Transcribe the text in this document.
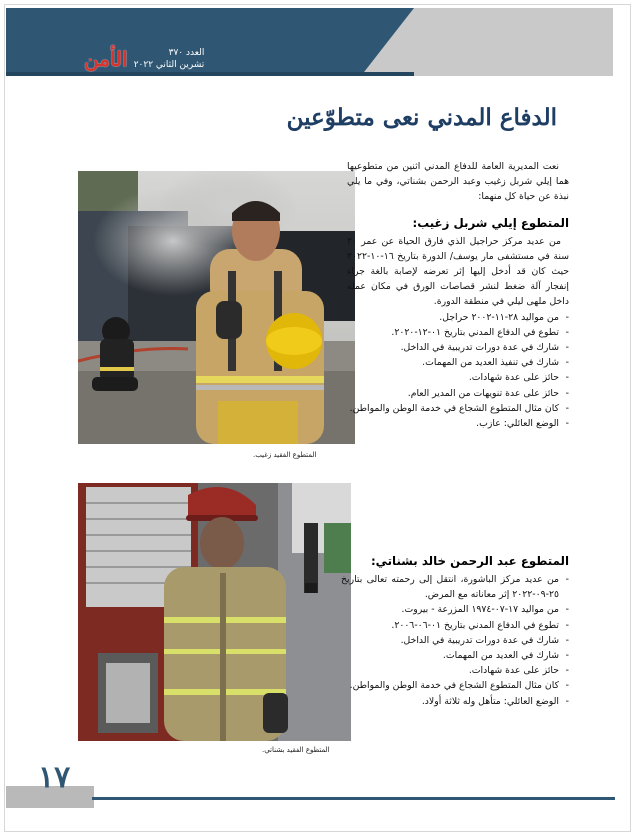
العدد ٣٧٠
تشرين الثاني ٢٠٢٢
الأمن
الدفاع المدني نعى متطوّعين
المتطوع الفقيد زغيب.
المتطوع الفقيد بشناتي.

نعت المديرية العامة للدفاع المدني اثنين من متطوعيها هما إيلي شربل زغيب وعبد الرحمن بشناتي، وفي ما يلي نبذة عن حياة كل منهما:

المتطوع إيلي شربل زغيب:

من عديد مركز حراجيل الذي فارق الحياة عن عمر ٢٠ سنة في مستشفى مار يوسف/ الدورة بتاريخ ١٦-١٠-٢٠٢٢ حيث كان قد أدخل إليها إثر تعرضه لإصابة بالغة جراء إنفجار آلة ضغط لنشر قصاصات الورق في مكان عمله داخل ملهى ليلي في منطقة الدورة.

- من مواليد ٢٨-١١-٢٠٠٢ حراجل.
- تطوع في الدفاع المدني بتاريخ ٠١-١٢-٢٠٢٠.
- شارك في عدة دورات تدريبية في الداخل.
- شارك في تنفيذ العديد من المهمات.
- حائز على عدة شهادات.
- حائز على عدة تنويهات من المدير العام.
- كان مثال المتطوع الشجاع في خدمة الوطن والمواطن.
- الوضع العائلي: عازب.

المتطوع عبد الرحمن خالد بشناتي:

- من عديد مركز الباشورة، انتقل إلى رحمته تعالى بتاريخ ٢٥-٠٩-٢٠٢٢ إثر معاناته مع المرض.
- من مواليد ١٧-٠٧-١٩٧٤ المزرعة - بيروت.
- تطوع في الدفاع المدني بتاريخ ٠١-٠٦-٢٠٠٦.
- شارك في عدة دورات تدريبية في الداخل.
- شارك في العديد من المهمات.
- حائز على عدة شهادات.
- كان مثال المتطوع الشجاع في خدمة الوطن والمواطن.
- الوضع العائلي: متأهل وله ثلاثة أولاد.
١٧
